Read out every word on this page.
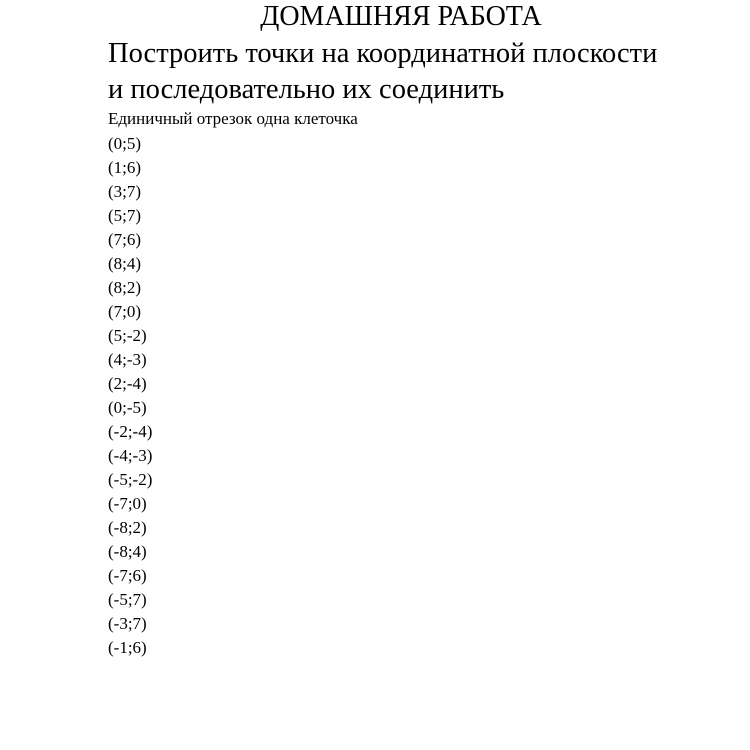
ДОМАШНЯЯ РАБОТА
Построить точки на координатной плоскости
и последовательно их соединить
Единичный отрезок одна клеточка
(0;5)
(1;6)
(3;7)
(5;7)
(7;6)
(8;4)
(8;2)
(7;0)
(5;-2)
(4;-3)
(2;-4)
(0;-5)
(-2;-4)
(-4;-3)
(-5;-2)
(-7;0)
(-8;2)
(-8;4)
(-7;6)
(-5;7)
(-3;7)
(-1;6)
